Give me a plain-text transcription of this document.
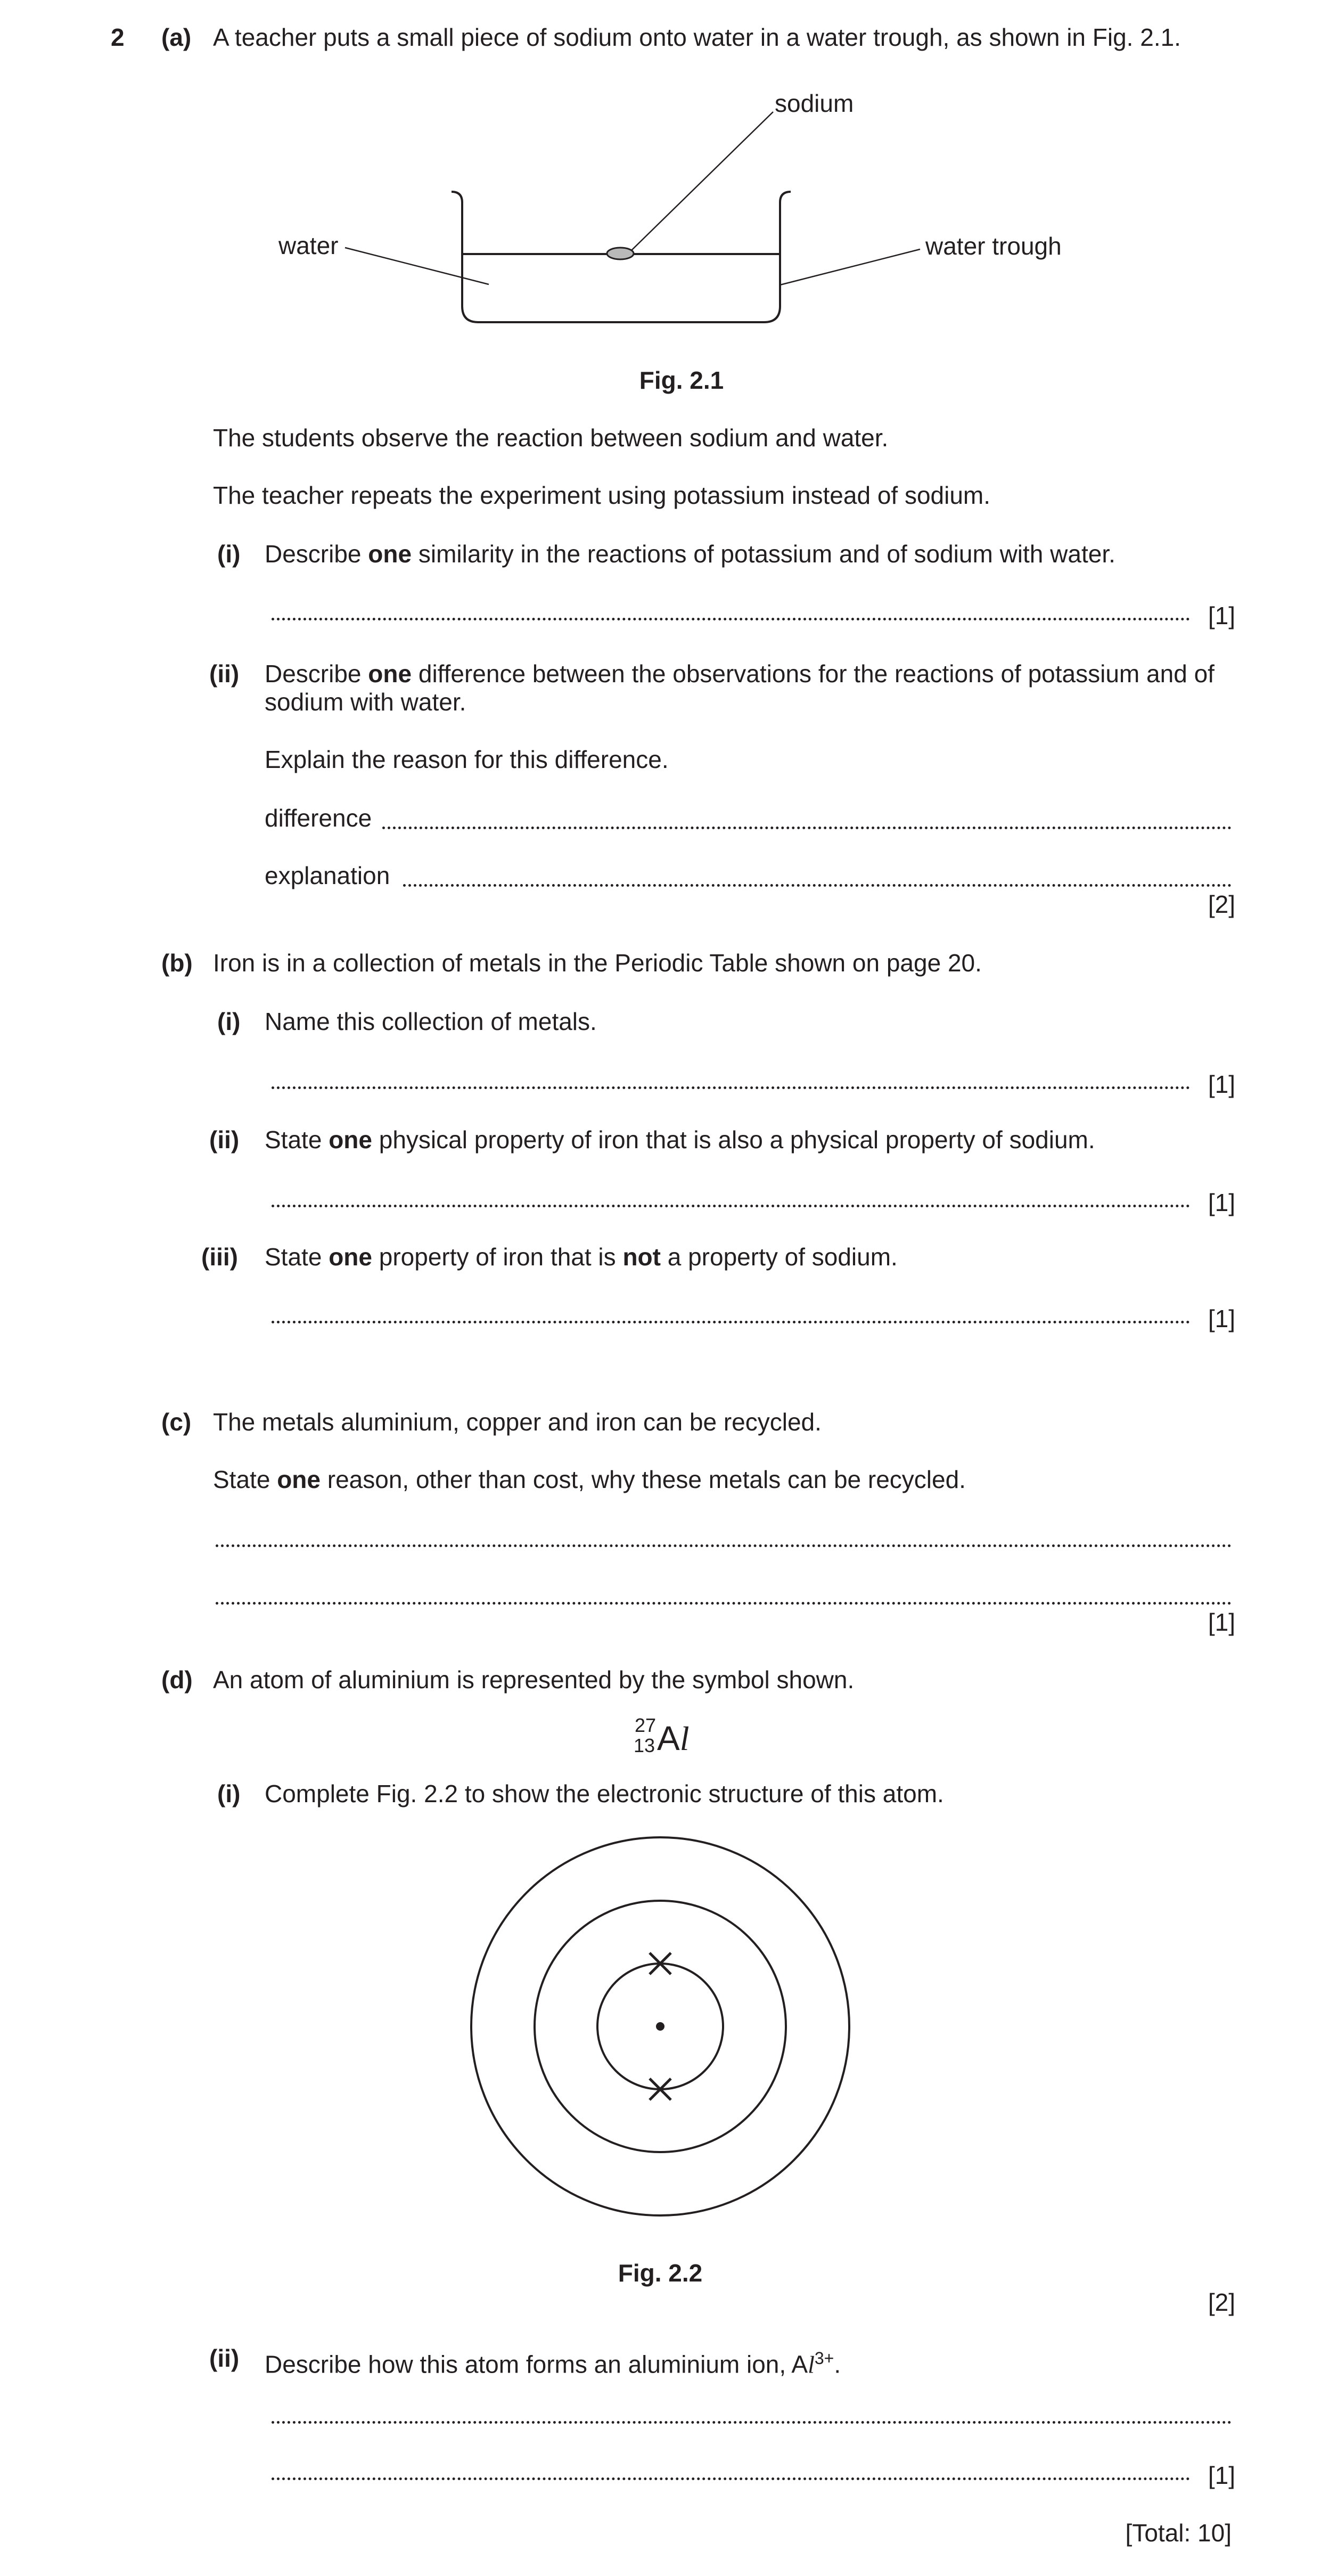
2 (a) A teacher puts a small piece of sodium onto water in a water trough, as shown in Fig. 2.1.
sodium
water	water trough
Fig. 2.1
The students observe the reaction between sodium and water.
The teacher repeats the experiment using potassium instead of sodium.
(i) Describe one similarity in the reactions of potassium and of sodium with water.
[1]
(ii) Describe one difference between the observations for the reactions of potassium and of
sodium with water.
Explain the reason for this difference.
difference
explanation
[2]
(b) Iron is in a collection of metals in the Periodic Table shown on page 20.
(i) Name this collection of metals.
[1]
(ii) State one physical property of iron that is also a physical property of sodium.
[1]
(iii) State one property of iron that is not a property of sodium.
[1]
(c) The metals aluminium, copper and iron can be recycled.
State one reason, other than cost, why these metals can be recycled.
[1]
(d) An atom of aluminium is represented by the symbol shown.
27
13 Al
(i) Complete Fig. 2.2 to show the electronic structure of this atom.
Fig. 2.2
[2]
(ii) Describe how this atom forms an aluminium ion, $Al^{3+}$.
[1]
[Total: 10]
